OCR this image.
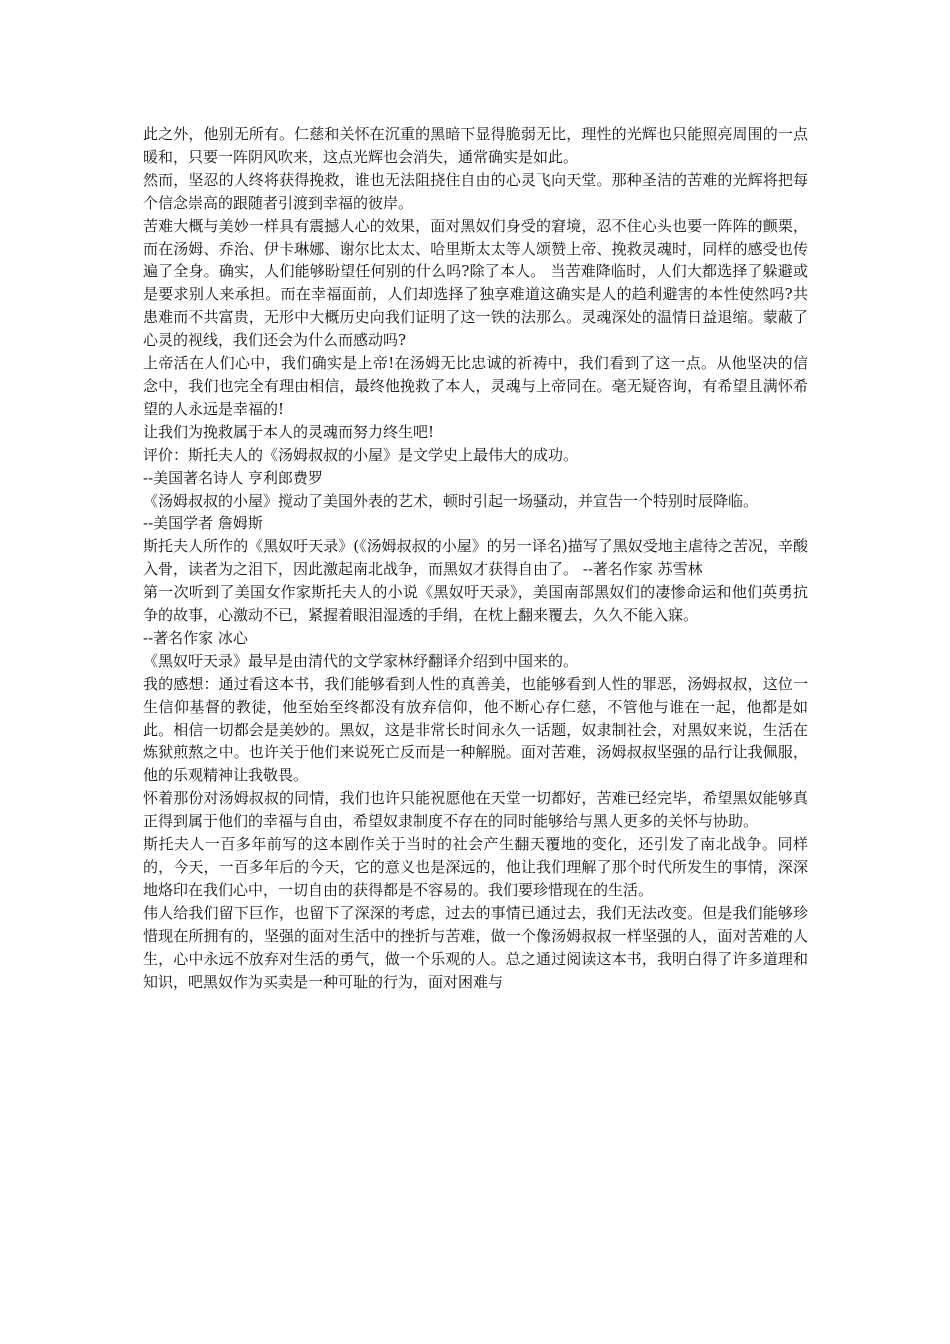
此之外，他别无所有。仁慈和关怀在沉重的黑暗下显得脆弱无比，理性的光辉也只能照亮周围的一点暖和，只要一阵阴风吹来，这点光辉也会消失，通常确实是如此。

然而，坚忍的人终将获得挽救，谁也无法阻挠住自由的心灵飞向天堂。那种圣洁的苦难的光辉将把每个信念崇高的跟随者引渡到幸福的彼岸。

苦难大概与美妙一样具有震撼人心的效果，面对黑奴们身受的窘境，忍不住心头也要一阵阵的颤栗，而在汤姆、乔治、伊卡琳娜、谢尔比太太、哈里斯太太等人颂赞上帝、挽救灵魂时，同样的感受也传遍了全身。确实，人们能够盼望任何别的什么吗?除了本人。 当苦难降临时，人们大都选择了躲避或是要求别人来承担。而在幸福面前，人们却选择了独享难道这确实是人的趋利避害的本性使然吗?共患难而不共富贵，无形中大概历史向我们证明了这一铁的法那么。灵魂深处的温情日益退缩。蒙蔽了心灵的视线，我们还会为什么而感动吗?

上帝活在人们心中，我们确实是上帝!在汤姆无比忠诚的祈祷中，我们看到了这一点。从他坚决的信念中，我们也完全有理由相信，最终他挽救了本人，灵魂与上帝同在。毫无疑咨询，有希望且满怀希望的人永远是幸福的!

让我们为挽救属于本人的灵魂而努力终生吧!

评价：斯托夫人的《汤姆叔叔的小屋》是文学史上最伟大的成功。

--美国著名诗人 亨利郎费罗

《汤姆叔叔的小屋》搅动了美国外表的艺术，顿时引起一场骚动，并宣告一个特别时辰降临。

--美国学者 詹姆斯

斯托夫人所作的《黑奴吁天录》(《汤姆叔叔的小屋》的另一译名)描写了黑奴受地主虐待之苦况，辛酸入骨，读者为之泪下，因此激起南北战争，而黑奴才获得自由了。 --著名作家 苏雪林

第一次听到了美国女作家斯托夫人的小说《黑奴吁天录》，美国南部黑奴们的凄惨命运和他们英勇抗争的故事，心激动不已，紧握着眼泪湿透的手绢，在枕上翻来覆去，久久不能入寐。

--著名作家 冰心

《黑奴吁天录》最早是由清代的文学家林纾翻译介绍到中国来的。

我的感想：通过看这本书，我们能够看到人性的真善美，也能够看到人性的罪恶，汤姆叔叔，这位一生信仰基督的教徒，他至始至终都没有放弃信仰，他不断心存仁慈，不管他与谁在一起，他都是如此。相信一切都会是美妙的。黑奴，这是非常长时间永久一话题，奴隶制社会，对黑奴来说，生活在炼狱煎熬之中。也许关于他们来说死亡反而是一种解脱。面对苦难，汤姆叔叔坚强的品行让我佩服，他的乐观精神让我敬畏。

怀着那份对汤姆叔叔的同情，我们也许只能祝愿他在天堂一切都好，苦难已经完毕，希望黑奴能够真正得到属于他们的幸福与自由，希望奴隶制度不存在的同时能够给与黑人更多的关怀与协助。

斯托夫人一百多年前写的这本剧作关于当时的社会产生翻天覆地的变化，还引发了南北战争。同样的，今天，一百多年后的今天，它的意义也是深远的，他让我们理解了那个时代所发生的事情，深深地烙印在我们心中，一切自由的获得都是不容易的。我们要珍惜现在的生活。

伟人给我们留下巨作，也留下了深深的考虑，过去的事情已通过去，我们无法改变。但是我们能够珍惜现在所拥有的，坚强的面对生活中的挫折与苦难，做一个像汤姆叔叔一样坚强的人，面对苦难的人生，心中永远不放弃对生活的勇气，做一个乐观的人。总之通过阅读这本书，我明白得了许多道理和知识，吧黑奴作为买卖是一种可耻的行为，面对困难与
